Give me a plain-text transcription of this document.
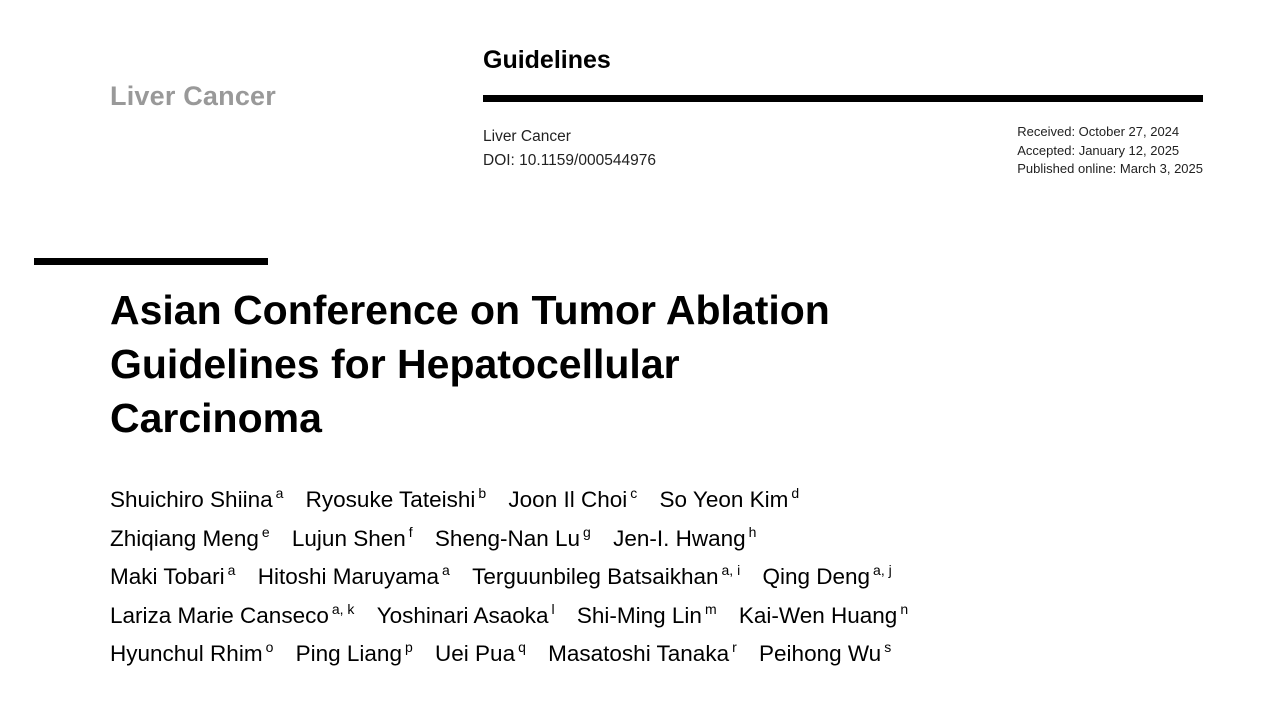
Liver Cancer
Guidelines
Liver Cancer
DOI: 10.1159/000544976
Received: October 27, 2024
Accepted: January 12, 2025
Published online: March 3, 2025
Asian Conference on Tumor Ablation
Guidelines for Hepatocellular
Carcinoma
Shuichiro Shiina $^a$ Ryosuke Tateishi $^b$ Joon Il Choi $^c$ So Yeon Kim $^d$
Zhiqiang Meng $^e$ Lujun Shen $^f$ Sheng-Nan Lu $^g$ Jen-I. Hwang $^h$
Maki Tobari $^a$ Hitoshi Maruyama $^a$ Terguunbileg Batsaikhan $^{a, i}$ Qing Deng $^{a, j}$
Lariza Marie Canseco $^{a, k}$ Yoshinari Asaoka $^l$ Shi-Ming Lin $^m$ Kai-Wen Huang $^n$
Hyunchul Rhim $^o$ Ping Liang $^p$ Uei Pua $^q$ Masatoshi Tanaka $^r$ Peihong Wu $^s$
